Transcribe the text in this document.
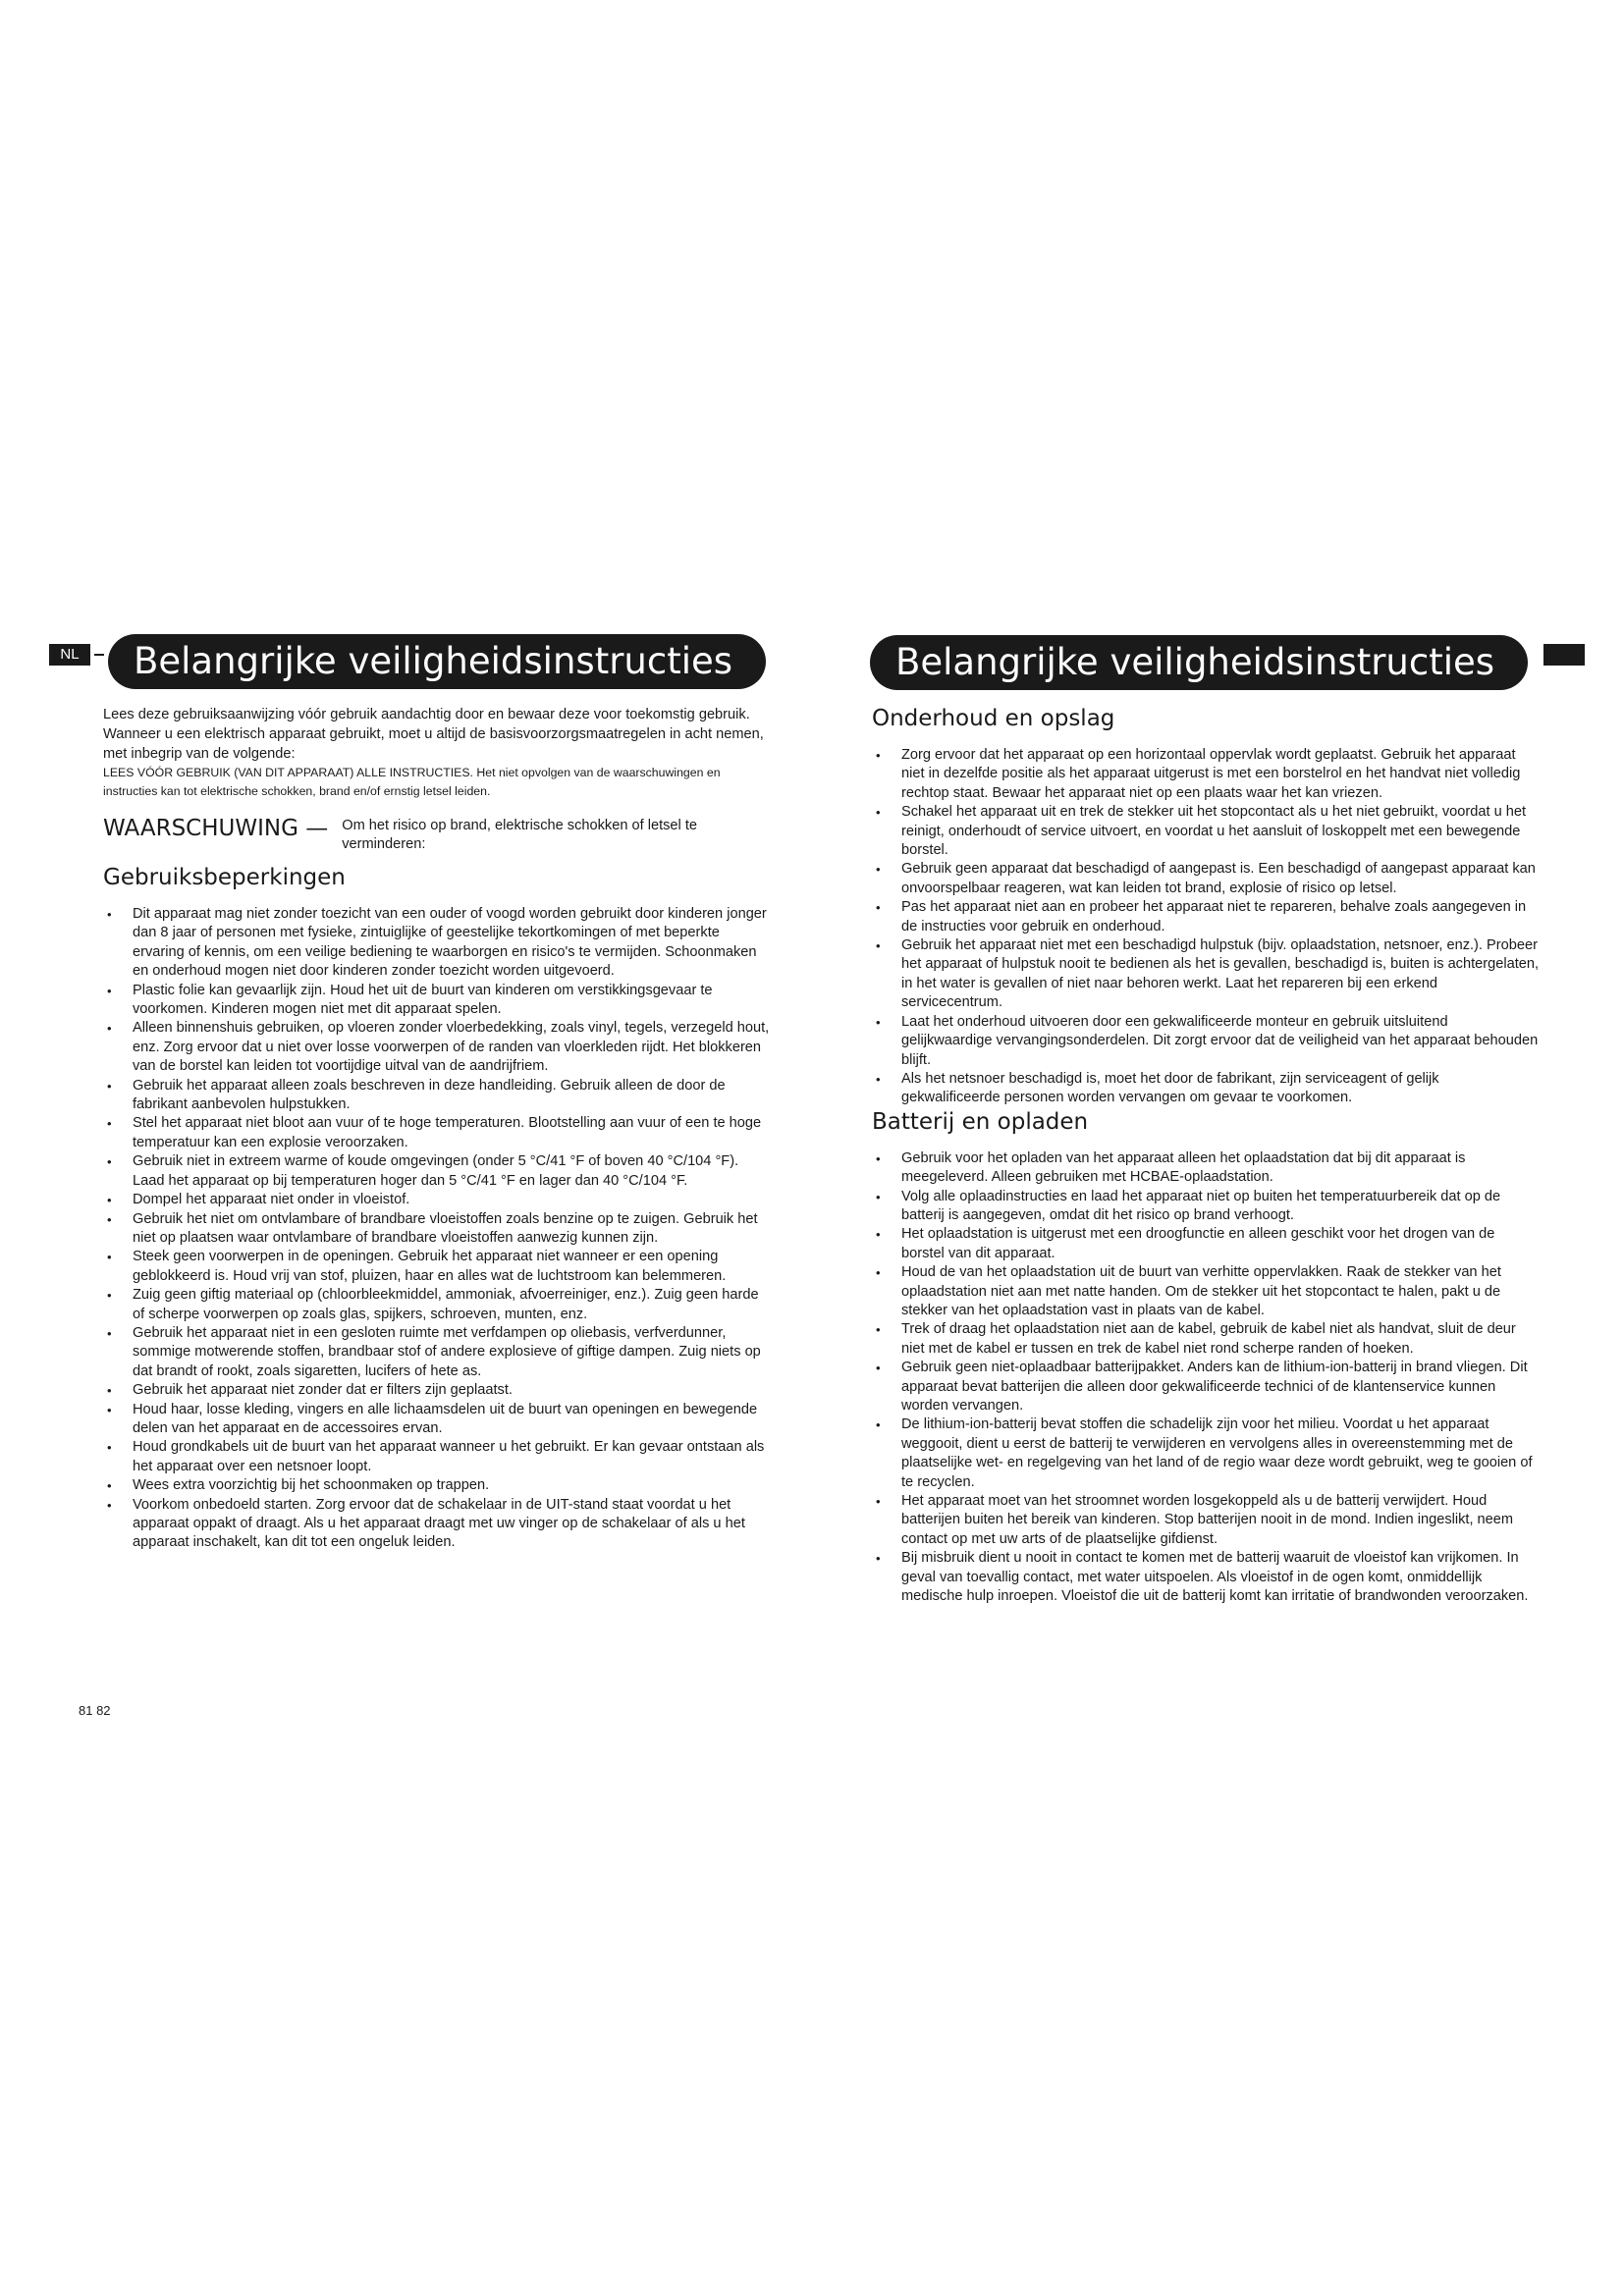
NL	Belangrijke veiligheidsinstructies	Belangrijke veiligheidsinstructies

Lees deze gebruiksaanwijzing vóór gebruik aandachtig door en bewaar deze voor toekomstig gebruik.

Wanneer u een elektrisch apparaat gebruikt, moet u altijd de basisvoorzorgsmaatregelen in acht nemen, met inbegrip van de volgende:

LEES VÓÓR GEBRUIK (VAN DIT APPARAAT) ALLE INSTRUCTIES. Het niet opvolgen van de waarschuwingen en instructies kan tot elektrische schokken, brand en/of ernstig letsel leiden.

WAARSCHUWING — Om het risico op brand, elektrische schokken of letsel te verminderen:
Gebruiksbeperkingen
• Dit apparaat mag niet zonder toezicht van een ouder of voogd worden gebruikt door kinderen jonger dan 8 jaar of personen met fysieke, zintuiglijke of geestelijke tekortkomingen of met beperkte ervaring of kennis, om een veilige bediening te waarborgen en risico's te vermijden. Schoonmaken en onderhoud mogen niet door kinderen zonder toezicht worden uitgevoerd.
• Plastic folie kan gevaarlijk zijn. Houd het uit de buurt van kinderen om verstikkingsgevaar te voorkomen. Kinderen mogen niet met dit apparaat spelen.
• Alleen binnenshuis gebruiken, op vloeren zonder vloerbedekking, zoals vinyl, tegels, verzegeld hout, enz. Zorg ervoor dat u niet over losse voorwerpen of de randen van vloerkleden rijdt. Het blokkeren van de borstel kan leiden tot voortijdige uitval van de aandrijfriem.
• Gebruik het apparaat alleen zoals beschreven in deze handleiding. Gebruik alleen de door de fabrikant aanbevolen hulpstukken.
• Stel het apparaat niet bloot aan vuur of te hoge temperaturen. Blootstelling aan vuur of een te hoge temperatuur kan een explosie veroorzaken.
• Gebruik niet in extreem warme of koude omgevingen (onder 5 °C/41 °F of boven 40 °C/104 °F). Laad het apparaat op bij temperaturen hoger dan 5 °C/41 °F en lager dan 40 °C/104 °F.
• Dompel het apparaat niet onder in vloeistof.
• Gebruik het niet om ontvlambare of brandbare vloeistoffen zoals benzine op te zuigen. Gebruik het niet op plaatsen waar ontvlambare of brandbare vloeistoffen aanwezig kunnen zijn.
• Steek geen voorwerpen in de openingen. Gebruik het apparaat niet wanneer er een opening geblokkeerd is. Houd vrij van stof, pluizen, haar en alles wat de luchtstroom kan belemmeren.
• Zuig geen giftig materiaal op (chloorbleekmiddel, ammoniak, afvoerreiniger, enz.). Zuig geen harde of scherpe voorwerpen op zoals glas, spijkers, schroeven, munten, enz.
• Gebruik het apparaat niet in een gesloten ruimte met verfdampen op oliebasis, verfverdunner, sommige motwerende stoffen, brandbaar stof of andere explosieve of giftige dampen. Zuig niets op dat brandt of rookt, zoals sigaretten, lucifers of hete as.
• Gebruik het apparaat niet zonder dat er filters zijn geplaatst.
• Houd haar, losse kleding, vingers en alle lichaamsdelen uit de buurt van openingen en bewegende delen van het apparaat en de accessoires ervan.
• Houd grondkabels uit de buurt van het apparaat wanneer u het gebruikt. Er kan gevaar ontstaan als het apparaat over een netsnoer loopt.
• Wees extra voorzichtig bij het schoonmaken op trappen.
• Voorkom onbedoeld starten. Zorg ervoor dat de schakelaar in de UIT-stand staat voordat u het apparaat oppakt of draagt. Als u het apparaat draagt met uw vinger op de schakelaar of als u het apparaat inschakelt, kan dit tot een ongeluk leiden.
Onderhoud en opslag
• Zorg ervoor dat het apparaat op een horizontaal oppervlak wordt geplaatst. Gebruik het apparaat niet in dezelfde positie als het apparaat uitgerust is met een borstelrol en het handvat niet volledig rechtop staat. Bewaar het apparaat niet op een plaats waar het kan vriezen.
• Schakel het apparaat uit en trek de stekker uit het stopcontact als u het niet gebruikt, voordat u het reinigt, onderhoudt of service uitvoert, en voordat u het aansluit of loskoppelt met een bewegende borstel.
• Gebruik geen apparaat dat beschadigd of aangepast is. Een beschadigd of aangepast apparaat kan onvoorspelbaar reageren, wat kan leiden tot brand, explosie of risico op letsel.
• Pas het apparaat niet aan en probeer het apparaat niet te repareren, behalve zoals aangegeven in de instructies voor gebruik en onderhoud.
• Gebruik het apparaat niet met een beschadigd hulpstuk (bijv. oplaadstation, netsnoer, enz.). Probeer het apparaat of hulpstuk nooit te bedienen als het is gevallen, beschadigd is, buiten is achtergelaten, in het water is gevallen of niet naar behoren werkt. Laat het repareren bij een erkend servicecentrum.
• Laat het onderhoud uitvoeren door een gekwalificeerde monteur en gebruik uitsluitend gelijkwaardige vervangingsonderdelen. Dit zorgt ervoor dat de veiligheid van het apparaat behouden blijft.
• Als het netsnoer beschadigd is, moet het door de fabrikant, zijn serviceagent of gelijk gekwalificeerde personen worden vervangen om gevaar te voorkomen.
Batterij en opladen
• Gebruik voor het opladen van het apparaat alleen het oplaadstation dat bij dit apparaat is meegeleverd. Alleen gebruiken met HCBAE-oplaadstation.
• Volg alle oplaadinstructies en laad het apparaat niet op buiten het temperatuurbereik dat op de batterij is aangegeven, omdat dit het risico op brand verhoogt.
• Het oplaadstation is uitgerust met een droogfunctie en alleen geschikt voor het drogen van de borstel van dit apparaat.
• Houd de van het oplaadstation uit de buurt van verhitte oppervlakken. Raak de stekker van het oplaadstation niet aan met natte handen. Om de stekker uit het stopcontact te halen, pakt u de stekker van het oplaadstation vast in plaats van de kabel.
• Trek of draag het oplaadstation niet aan de kabel, gebruik de kabel niet als handvat, sluit de deur niet met de kabel er tussen en trek de kabel niet rond scherpe randen of hoeken.
• Gebruik geen niet-oplaadbaar batterijpakket. Anders kan de lithium-ion-batterij in brand vliegen. Dit apparaat bevat batterijen die alleen door gekwalificeerde technici of de klantenservice kunnen worden vervangen.
• De lithium-ion-batterij bevat stoffen die schadelijk zijn voor het milieu. Voordat u het apparaat weggooit, dient u eerst de batterij te verwijderen en vervolgens alles in overeenstemming met de plaatselijke wet- en regelgeving van het land of de regio waar deze wordt gebruikt, weg te gooien of te recyclen.
• Het apparaat moet van het stroomnet worden losgekoppeld als u de batterij verwijdert. Houd batterijen buiten het bereik van kinderen. Stop batterijen nooit in de mond. Indien ingeslikt, neem contact op met uw arts of de plaatselijke gifdienst.
• Bij misbruik dient u nooit in contact te komen met de batterij waaruit de vloeistof kan vrijkomen. In geval van toevallig contact, met water uitspoelen. Als vloeistof in de ogen komt, onmiddellijk medische hulp inroepen. Vloeistof die uit de batterij komt kan irritatie of brandwonden veroorzaken.
81 82
